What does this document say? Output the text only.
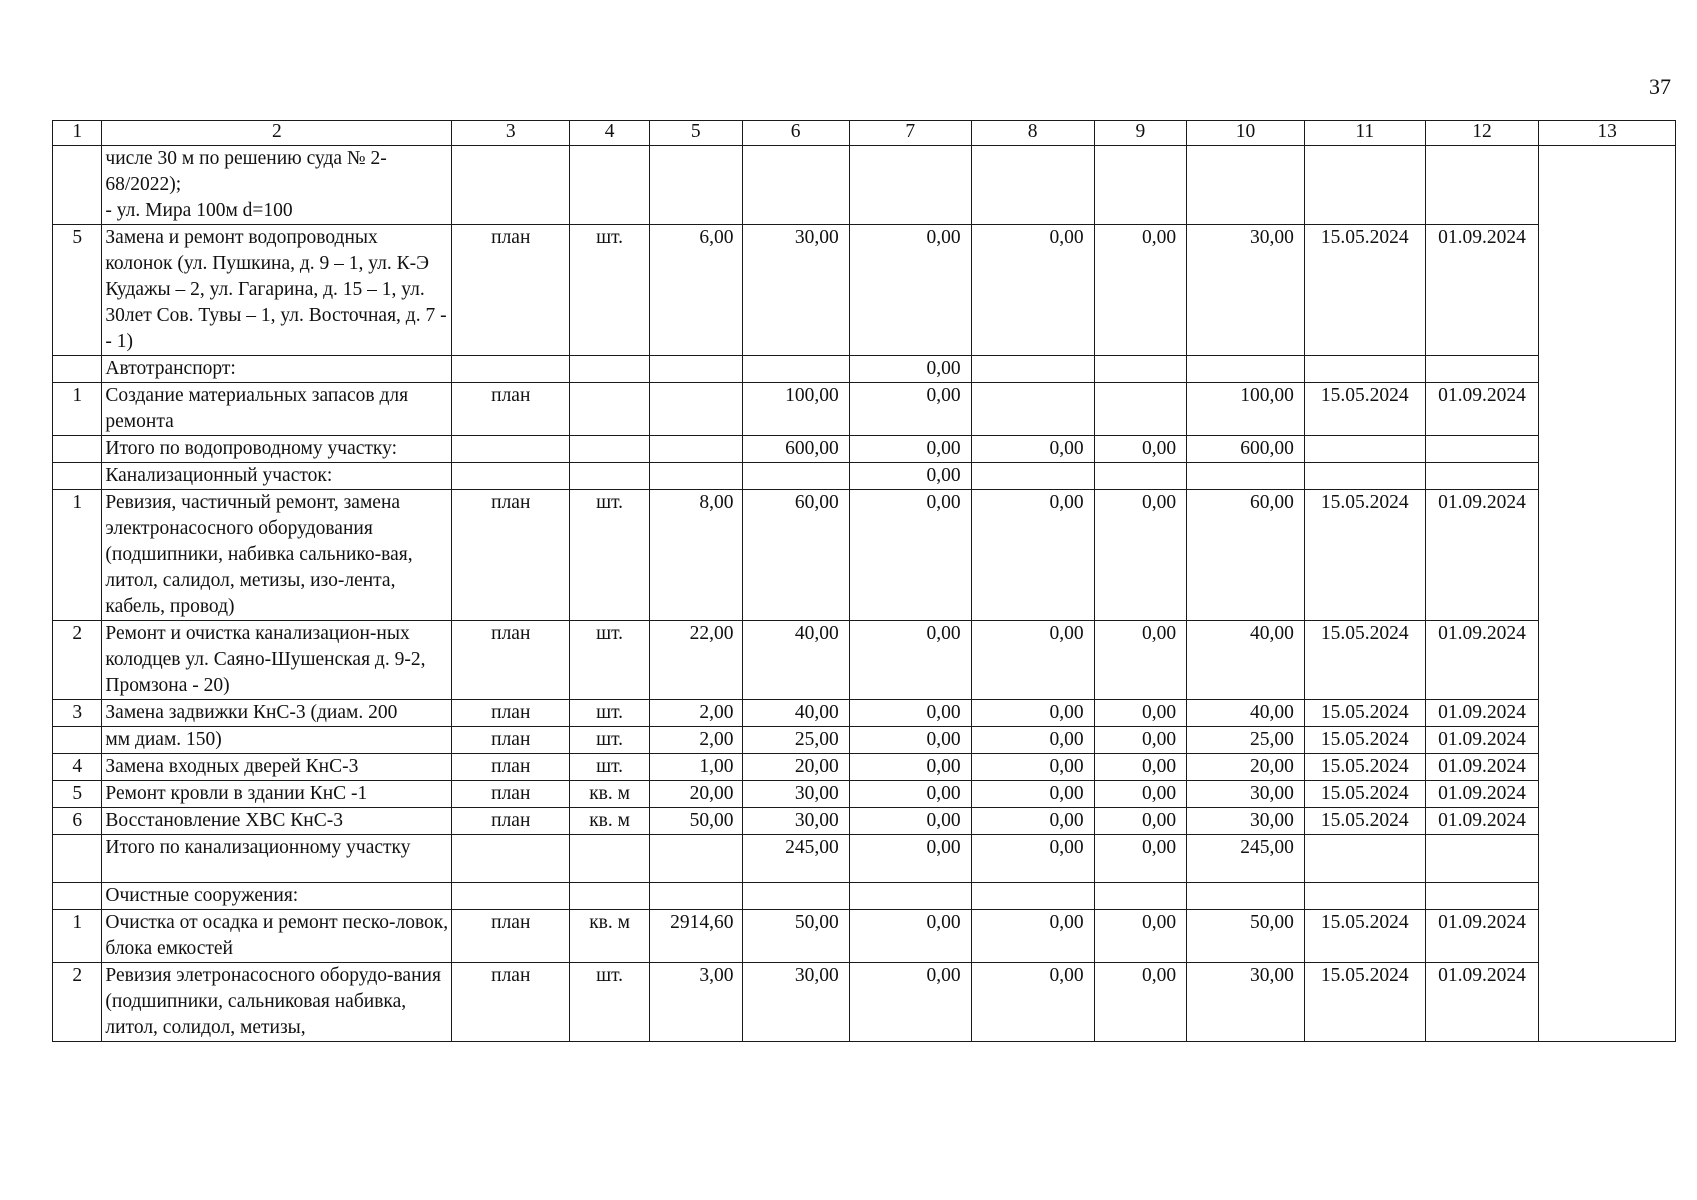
37
1	2	3	4	5	6	7	8	9	10	11	12	13
	числе 30 м по решению суда № 2-68/2022);
- ул. Мира 100м d=100											
5	Замена и ремонт водопроводных колонок (ул. Пушкина, д. 9 – 1, ул. К-Э Кудажы – 2, ул. Гагарина, д. 15 – 1, ул. 30лет Сов. Тувы – 1, ул. Восточная, д. 7 -- 1)	план	шт.	6,00	30,00	0,00	0,00	0,00	30,00	15.05.2024	01.09.2024	
	Автотранспорт:					0,00						
1	Создание материальных запасов для ремонта	план			100,00	0,00			100,00	15.05.2024	01.09.2024	
	Итого по водопроводному участку:				600,00	0,00	0,00	0,00	600,00			
	Канализационный участок:					0,00						
1	Ревизия, частичный ремонт, замена электронасосного оборудования (подшипники, набивка сальнико-вая, литол, салидол, метизы, изо-лента, кабель, провод)	план	шт.	8,00	60,00	0,00	0,00	0,00	60,00	15.05.2024	01.09.2024	
2	Ремонт и очистка канализацион-ных колодцев ул. Саяно-Шушенская д. 9-2, Промзона - 20)	план	шт.	22,00	40,00	0,00	0,00	0,00	40,00	15.05.2024	01.09.2024	
3	Замена задвижки КнС-3 (диам. 200	план	шт.	2,00	40,00	0,00	0,00	0,00	40,00	15.05.2024	01.09.2024	
	мм диам. 150)	план	шт.	2,00	25,00	0,00	0,00	0,00	25,00	15.05.2024	01.09.2024	
4	Замена входных дверей КнС-3	план	шт.	1,00	20,00	0,00	0,00	0,00	20,00	15.05.2024	01.09.2024	
5	Ремонт кровли в здании КнС -1	план	кв. м	20,00	30,00	0,00	0,00	0,00	30,00	15.05.2024	01.09.2024	
6	Восстановление ХВС КнС-3	план	кв. м	50,00	30,00	0,00	0,00	0,00	30,00	15.05.2024	01.09.2024	
	Итого по канализационному участку				245,00	0,00	0,00	0,00	245,00			
	Очистные сооружения:											
1	Очистка от осадка и ремонт песко-ловок, блока емкостей	план	кв. м	2914,60	50,00	0,00	0,00	0,00	50,00	15.05.2024	01.09.2024	
2	Ревизия элетронасосного оборудо-вания (подшипники, сальниковая набивка, литол, солидол, метизы,	план	шт.	3,00	30,00	0,00	0,00	0,00	30,00	15.05.2024	01.09.2024	
